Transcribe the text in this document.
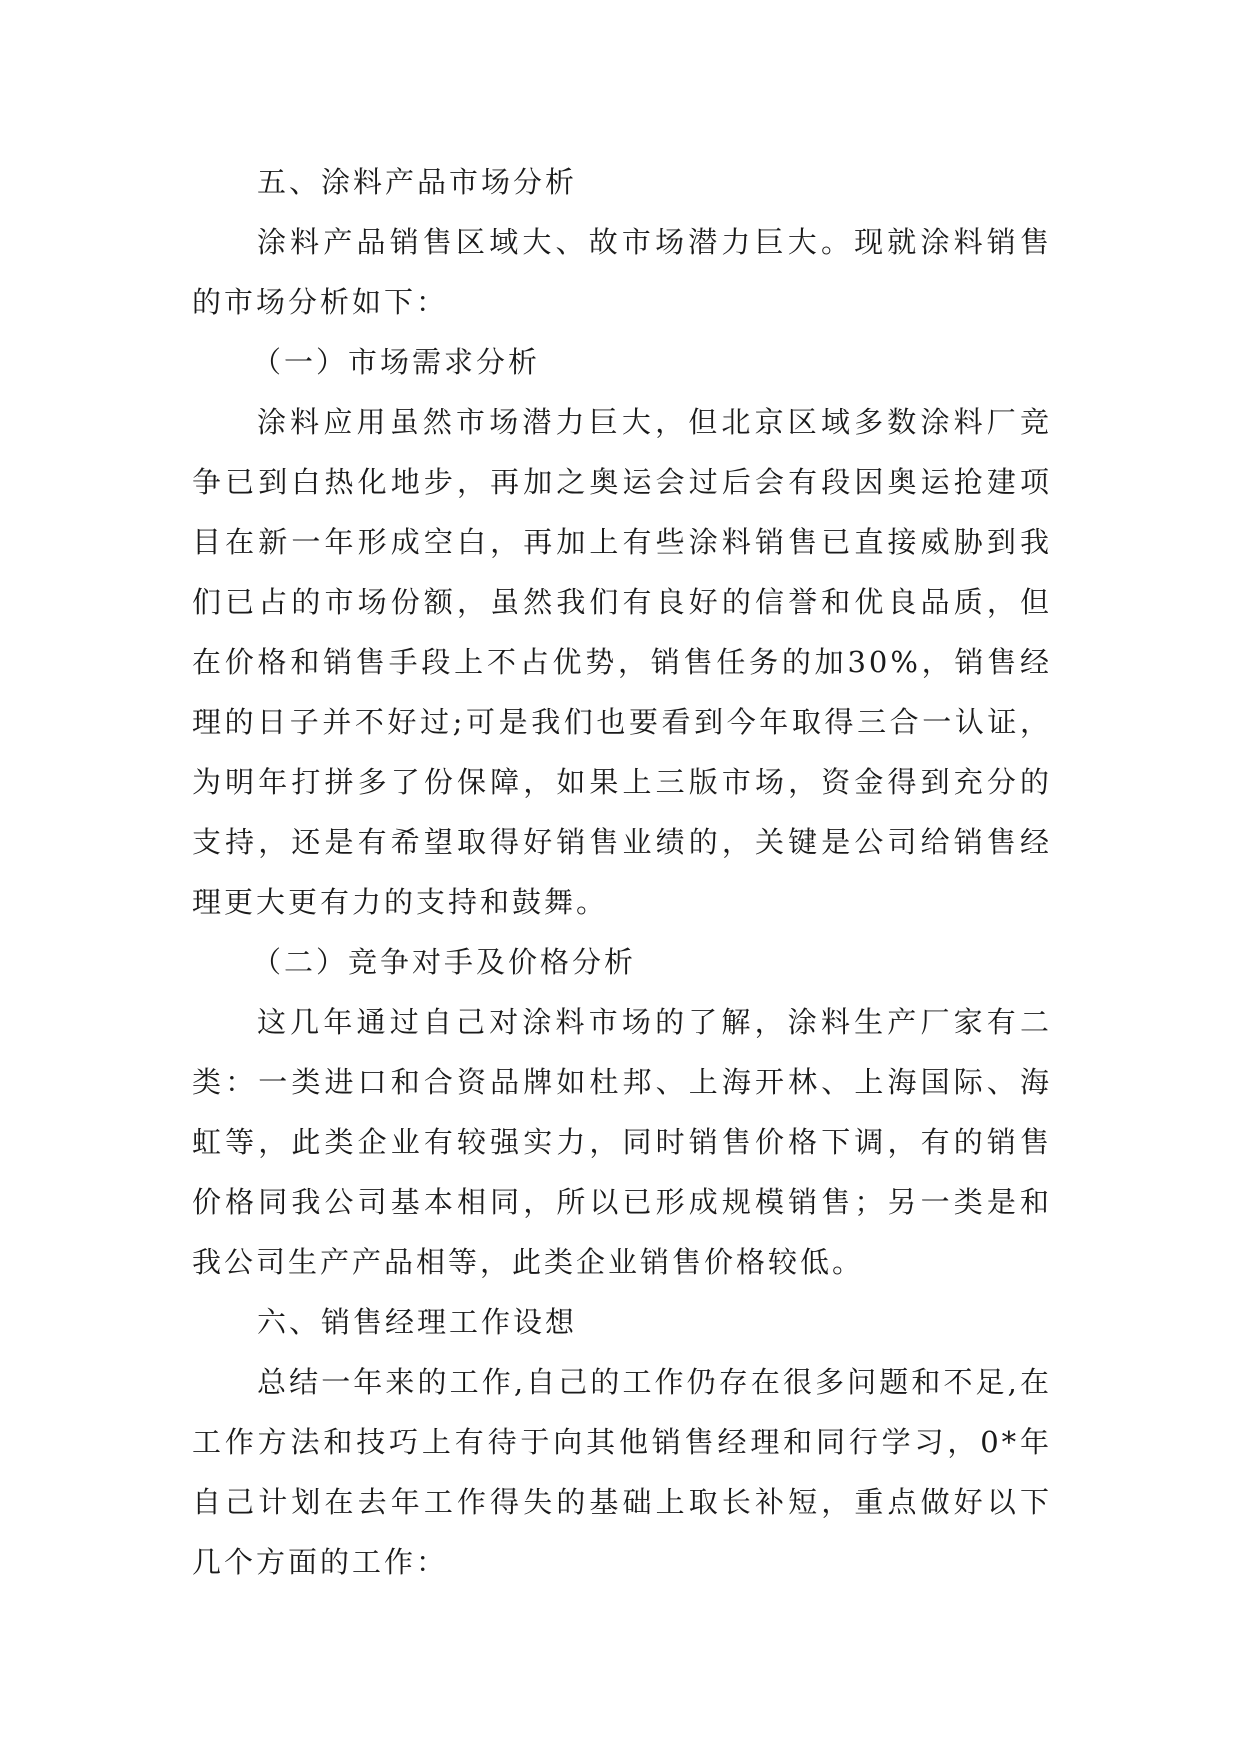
五、涂料产品市场分析

涂料产品销售区域大、故市场潜力巨大。现就涂料销售的市场分析如下：

（一）市场需求分析

涂料应用虽然市场潜力巨大，但北京区域多数涂料厂竞争已到白热化地步，再加之奥运会过后会有段因奥运抢建项目在新一年形成空白，再加上有些涂料销售已直接威胁到我们已占的市场份额，虽然我们有良好的信誉和优良品质，但在价格和销售手段上不占优势，销售任务的加30%，销售经理的日子并不好过;可是我们也要看到今年取得三合一认证，为明年打拼多了份保障，如果上三版市场，资金得到充分的支持，还是有希望取得好销售业绩的，关键是公司给销售经理更大更有力的支持和鼓舞。

（二）竞争对手及价格分析

这几年通过自己对涂料市场的了解，涂料生产厂家有二类：一类进口和合资品牌如杜邦、上海开林、上海国际、海虹等，此类企业有较强实力，同时销售价格下调，有的销售价格同我公司基本相同，所以已形成规模销售；另一类是和我公司生产产品相等，此类企业销售价格较低。

六、销售经理工作设想

总结一年来的工作,自己的工作仍存在很多问题和不足,在工作方法和技巧上有待于向其他销售经理和同行学习，0*年自己计划在去年工作得失的基础上取长补短，重点做好以下几个方面的工作：
